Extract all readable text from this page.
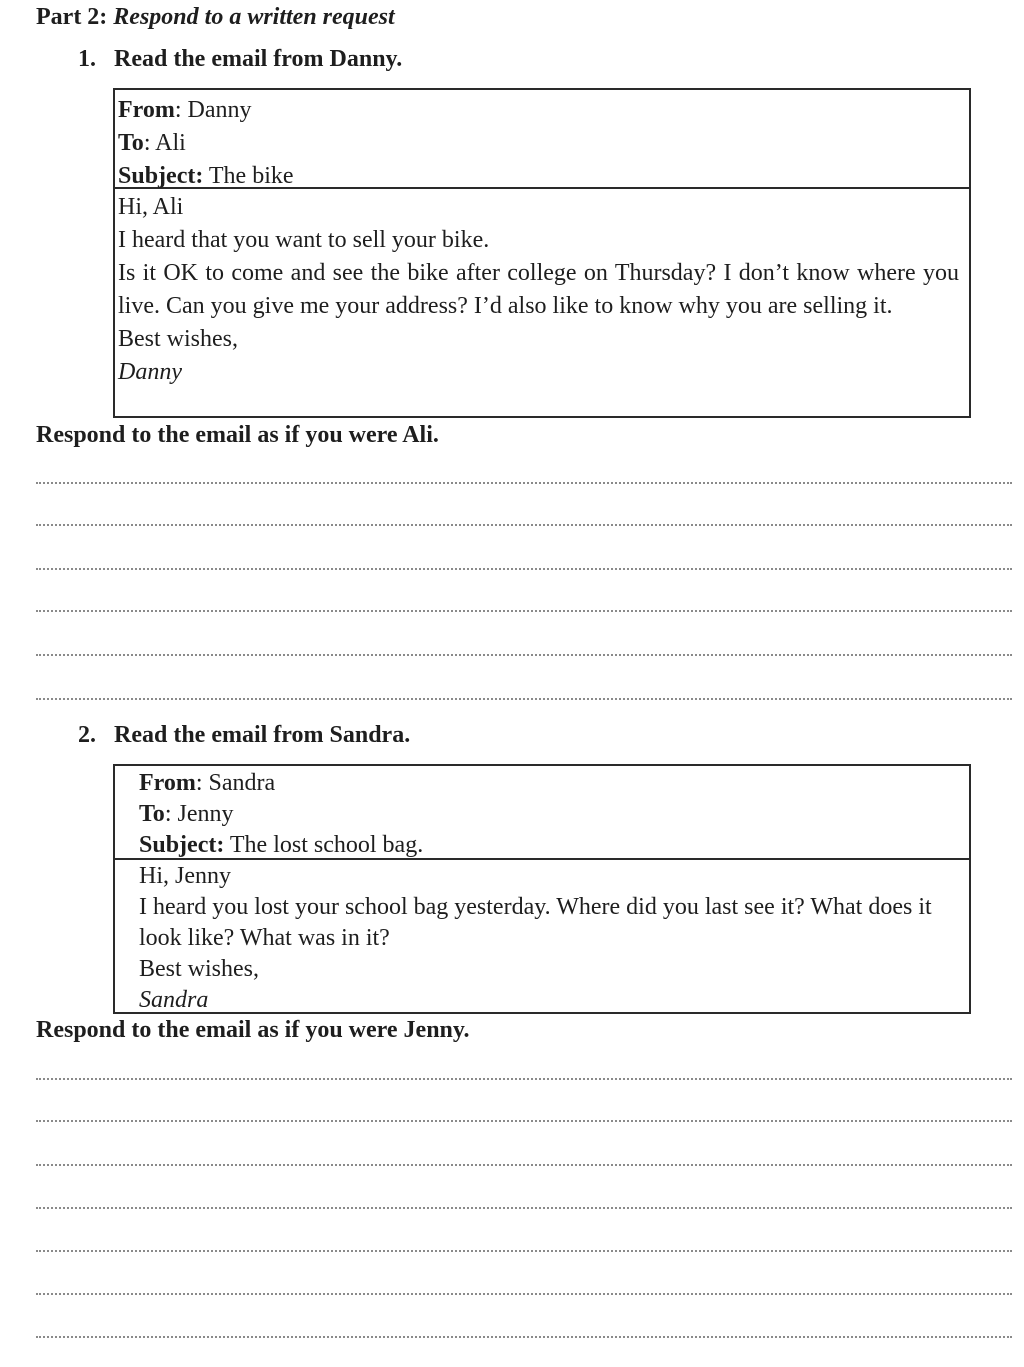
Part 2: Respond to a written request
1. Read the email from Danny.
From: Danny
To: Ali
Subject: The bike
Hi, Ali
I heard that you want to sell your bike.
Is it OK to come and see the bike after college on Thursday? I don’t know where you live. Can you give me your address? I’d also like to know why you are selling it.
Best wishes,
Danny
Respond to the email as if you were Ali.
2. Read the email from Sandra.
From: Sandra
To: Jenny
Subject: The lost school bag.
Hi, Jenny
I heard you lost your school bag yesterday. Where did you last see it? What does it look like? What was in it?
Best wishes,
Sandra
Respond to the email as if you were Jenny.
